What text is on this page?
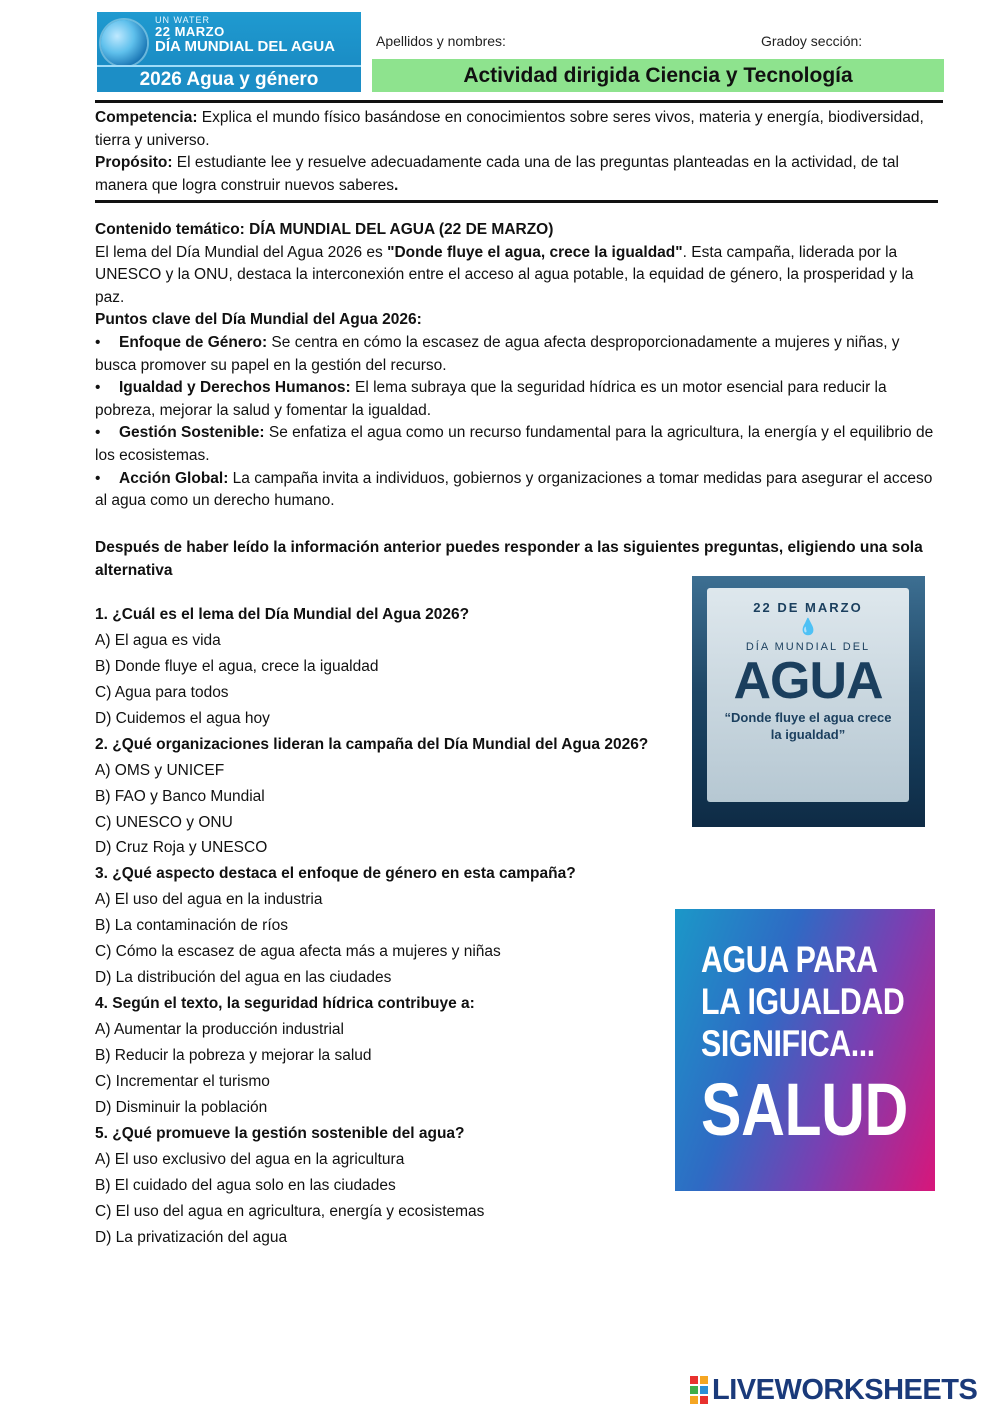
UN WATER
22 MARZO
DÍA MUNDIAL DEL AGUA
2026 Agua y género
Apellidos y nombres:	Gradoy sección:
Actividad dirigida Ciencia y Tecnología

Competencia: Explica el mundo físico basándose en conocimientos sobre seres vivos, materia y energía, biodiversidad, tierra y universo.

Propósito: El estudiante lee y resuelve adecuadamente cada una de las preguntas planteadas en la actividad, de tal manera que logra construir nuevos saberes.

Contenido temático: DÍA MUNDIAL DEL AGUA (22 DE MARZO)

El lema del Día Mundial del Agua 2026 es "Donde fluye el agua, crece la igualdad". Esta campaña, liderada por la UNESCO y la ONU, destaca la interconexión entre el acceso al agua potable, la equidad de género, la prosperidad y la paz.

Puntos clave del Día Mundial del Agua 2026:

• Enfoque de Género: Se centra en cómo la escasez de agua afecta desproporcionadamente a mujeres y niñas, y busca promover su papel en la gestión del recurso.

• Igualdad y Derechos Humanos: El lema subraya que la seguridad hídrica es un motor esencial para reducir la pobreza, mejorar la salud y fomentar la igualdad.

• Gestión Sostenible: Se enfatiza el agua como un recurso fundamental para la agricultura, la energía y el equilibrio de los ecosistemas.

• Acción Global: La campaña invita a individuos, gobiernos y organizaciones a tomar medidas para asegurar el acceso al agua como un derecho humano.

Después de haber leído la información anterior puedes responder a las siguientes preguntas, eligiendo una sola alternativa

1. ¿Cuál es el lema del Día Mundial del Agua 2026?
A) El agua es vida
B) Donde fluye el agua, crece la igualdad
C) Agua para todos
D) Cuidemos el agua hoy
2. ¿Qué organizaciones lideran la campaña del Día Mundial del Agua 2026?
A) OMS y UNICEF
B) FAO y Banco Mundial
C) UNESCO y ONU
D) Cruz Roja y UNESCO
3. ¿Qué aspecto destaca el enfoque de género en esta campaña?
A) El uso del agua en la industria
B) La contaminación de ríos
C) Cómo la escasez de agua afecta más a mujeres y niñas
D) La distribución del agua en las ciudades
4. Según el texto, la seguridad hídrica contribuye a:
A) Aumentar la producción industrial
B) Reducir la pobreza y mejorar la salud
C) Incrementar el turismo
D) Disminuir la población
5. ¿Qué promueve la gestión sostenible del agua?
A) El uso exclusivo del agua en la agricultura
B) El cuidado del agua solo en las ciudades
C) El uso del agua en agricultura, energía y ecosistemas
D) La privatización del agua
22 DE MARZO
💧
DÍA MUNDIAL DEL
AGUA
“Donde fluye el agua crece la igualdad”
AGUA PARA
LA IGUALDAD
SIGNIFICA...
SALUD
LIVEWORKSHEETS
